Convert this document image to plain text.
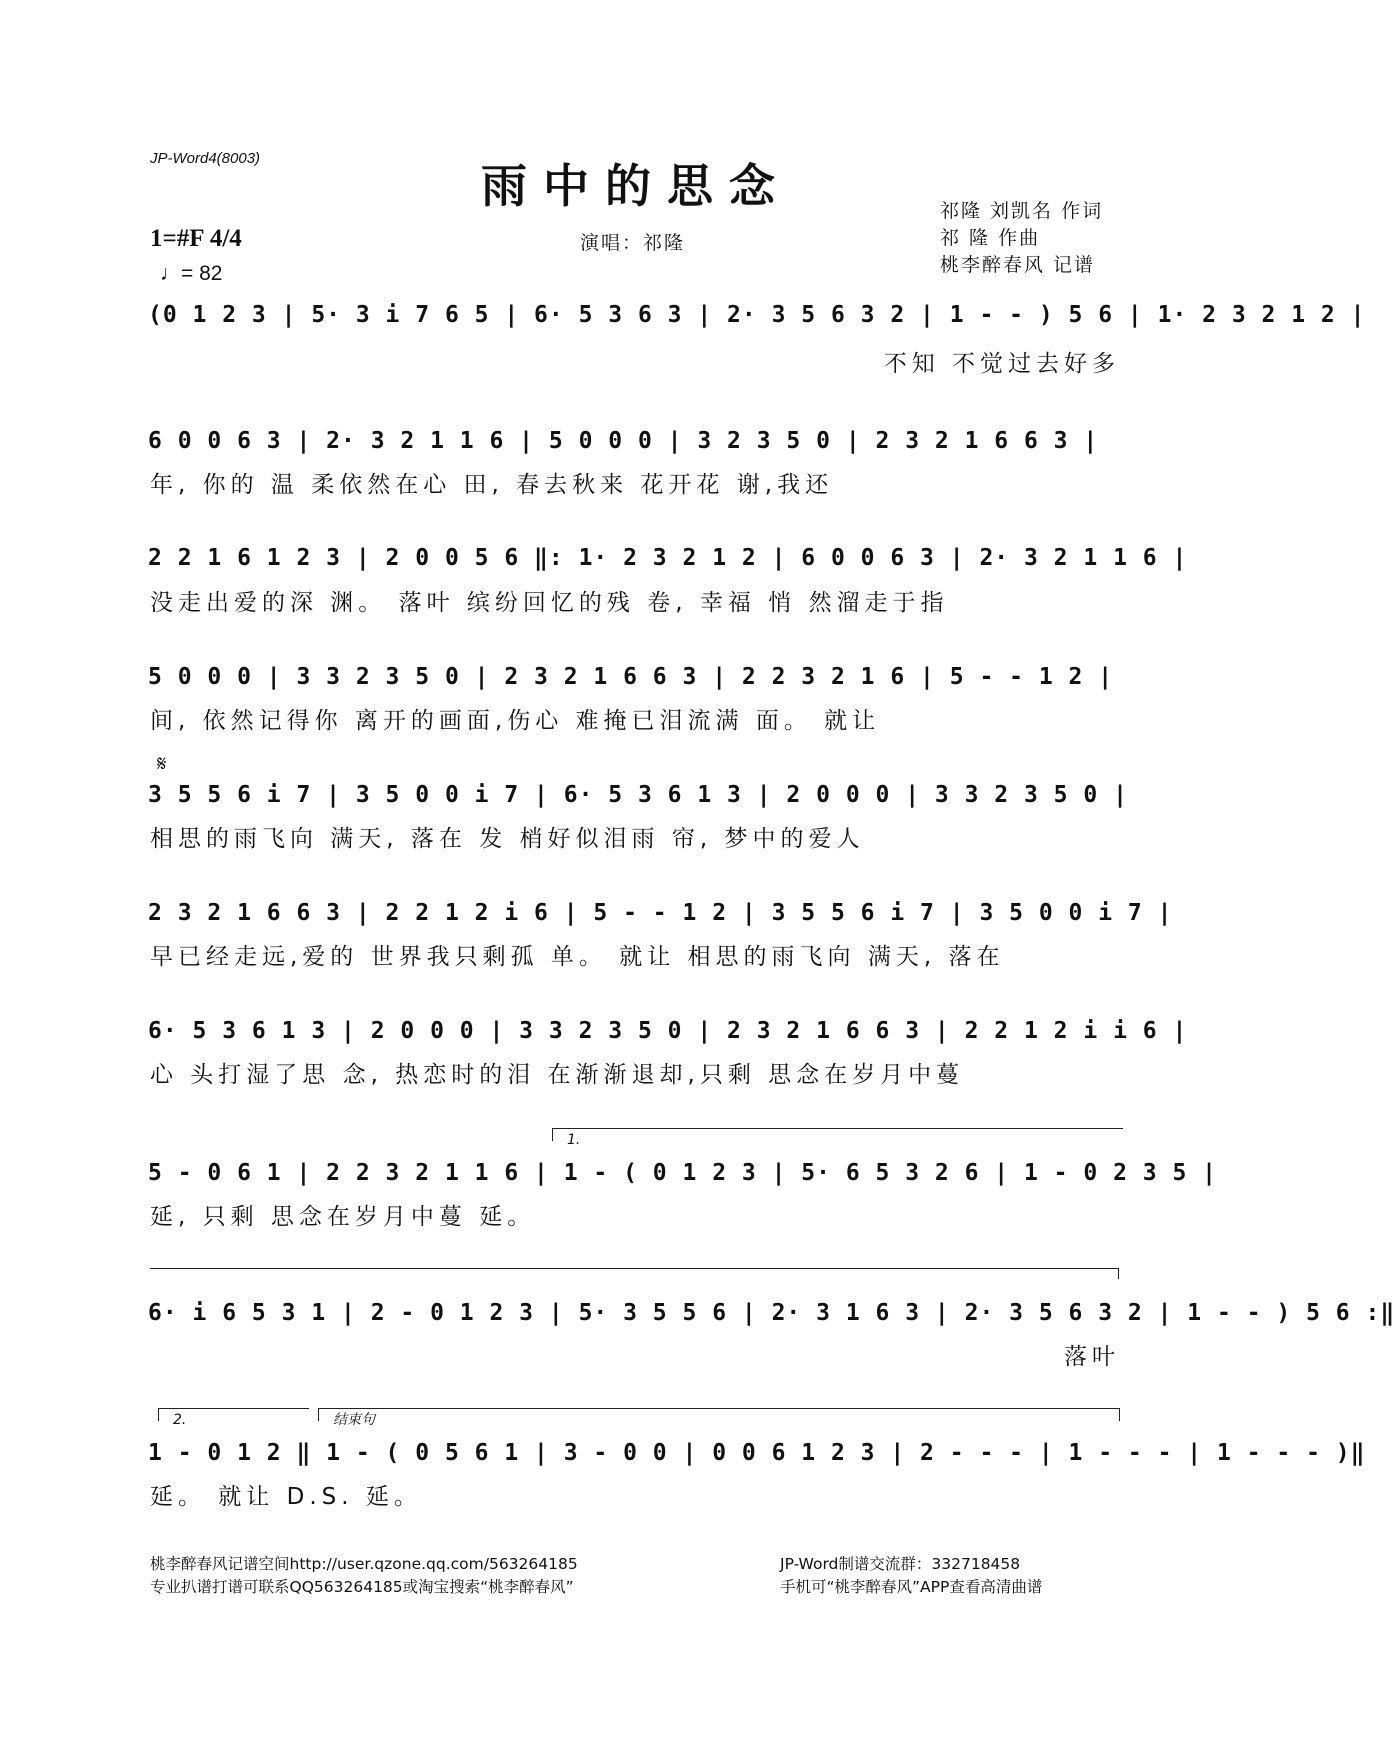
JP-Word4(8003)
雨中的思念
1=#F 4/4
♩= 82
演唱：祁隆
祁隆 刘凯名 作词
祁 隆 作曲
桃李醉春风 记谱
(0 1 2 3 | 5· 3 i 7 6 5 | 6· 5 3 6 3 | 2· 3 5 6 3 2 | 1 - - ) 5 6 | 1· 2 3 2 1 2 |
不知 不觉过去好多
6 0 0 6 3 | 2· 3 2 1 1 6 | 5 0 0 0 | 3 2 3 5 0 | 2 3 2 1 6 6 3 |
年, 你的 温 柔依然在心 田, 春去秋来 花开花 谢,我还
2 2 1 6 1 2 3 | 2 0 0 5 6 ‖: 1· 2 3 2 1 2 | 6 0 0 6 3 | 2· 3 2 1 1 6 |
没走出爱的深 渊。 落叶 缤纷回忆的残 卷, 幸福 悄 然溜走于指
5 0 0 0 | 3 3 2 3 5 0 | 2 3 2 1 6 6 3 | 2 2 3 2 1 6 | 5 - - 1 2 |
间, 依然记得你 离开的画面,伤心 难掩已泪流满 面。 就让
𝄋
3 5 5 6 i 7 | 3 5 0 0 i 7 | 6· 5 3 6 1 3 | 2 0 0 0 | 3 3 2 3 5 0 |
相思的雨飞向 满天, 落在 发 梢好似泪雨 帘, 梦中的爱人
2 3 2 1 6 6 3 | 2 2 1 2 i 6 | 5 - - 1 2 | 3 5 5 6 i 7 | 3 5 0 0 i 7 |
早已经走远,爱的 世界我只剩孤 单。 就让 相思的雨飞向 满天, 落在
6· 5 3 6 1 3 | 2 0 0 0 | 3 3 2 3 5 0 | 2 3 2 1 6 6 3 | 2 2 1 2 i i 6 |
心 头打湿了思 念, 热恋时的泪 在渐渐退却,只剩 思念在岁月中蔓
1.
5 - 0 6 1 | 2 2 3 2 1 1 6 | 1 - ( 0 1 2 3 | 5· 6 5 3 2 6 | 1 - 0 2 3 5 |
延, 只剩 思念在岁月中蔓 延。
6· i 6 5 3 1 | 2 - 0 1 2 3 | 5· 3 5 5 6 | 2· 3 1 6 3 | 2· 3 5 6 3 2 | 1 - - ) 5 6 :‖
落叶
2.	结束句
1 - 0 1 2 ‖ 1 - ( 0 5 6 1 | 3 - 0 0 | 0 0 6 1 2 3 | 2 - - - | 1 - - - | 1 - - - )‖
延。 就让 D.S. 延。
桃李醉春风记谱空间http://user.qzone.qq.com/563264185
专业扒谱打谱可联系QQ563264185或淘宝搜索“桃李醉春风”
JP-Word制谱交流群：332718458
手机可“桃李醉春风”APP查看高清曲谱
